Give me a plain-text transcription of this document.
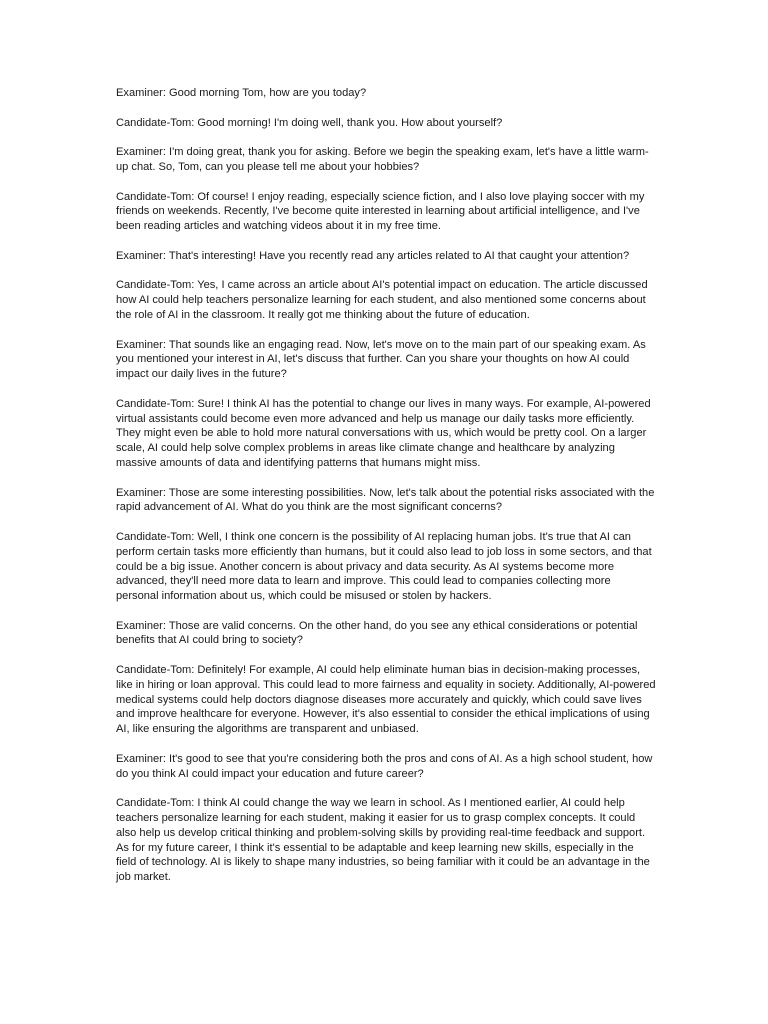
Examiner: Good morning Tom, how are you today?

Candidate-Tom: Good morning! I'm doing well, thank you. How about yourself?

Examiner: I'm doing great, thank you for asking. Before we begin the speaking exam, let's have a little warm-up chat. So, Tom, can you please tell me about your hobbies?

Candidate-Tom: Of course! I enjoy reading, especially science fiction, and I also love playing soccer with my friends on weekends. Recently, I've become quite interested in learning about artificial intelligence, and I've been reading articles and watching videos about it in my free time.

Examiner: That's interesting! Have you recently read any articles related to AI that caught your attention?

Candidate-Tom: Yes, I came across an article about AI's potential impact on education. The article discussed how AI could help teachers personalize learning for each student, and also mentioned some concerns about the role of AI in the classroom. It really got me thinking about the future of education.

Examiner: That sounds like an engaging read. Now, let's move on to the main part of our speaking exam. As you mentioned your interest in AI, let's discuss that further. Can you share your thoughts on how AI could impact our daily lives in the future?

Candidate-Tom: Sure! I think AI has the potential to change our lives in many ways. For example, AI-powered virtual assistants could become even more advanced and help us manage our daily tasks more efficiently. They might even be able to hold more natural conversations with us, which would be pretty cool. On a larger scale, AI could help solve complex problems in areas like climate change and healthcare by analyzing massive amounts of data and identifying patterns that humans might miss.

Examiner: Those are some interesting possibilities. Now, let's talk about the potential risks associated with the rapid advancement of AI. What do you think are the most significant concerns?

Candidate-Tom: Well, I think one concern is the possibility of AI replacing human jobs. It's true that AI can perform certain tasks more efficiently than humans, but it could also lead to job loss in some sectors, and that could be a big issue. Another concern is about privacy and data security. As AI systems become more advanced, they'll need more data to learn and improve. This could lead to companies collecting more personal information about us, which could be misused or stolen by hackers.

Examiner: Those are valid concerns. On the other hand, do you see any ethical considerations or potential benefits that AI could bring to society?

Candidate-Tom: Definitely! For example, AI could help eliminate human bias in decision-making processes, like in hiring or loan approval. This could lead to more fairness and equality in society. Additionally, AI-powered medical systems could help doctors diagnose diseases more accurately and quickly, which could save lives and improve healthcare for everyone. However, it's also essential to consider the ethical implications of using AI, like ensuring the algorithms are transparent and unbiased.

Examiner: It's good to see that you're considering both the pros and cons of AI. As a high school student, how do you think AI could impact your education and future career?

Candidate-Tom: I think AI could change the way we learn in school. As I mentioned earlier, AI could help teachers personalize learning for each student, making it easier for us to grasp complex concepts. It could also help us develop critical thinking and problem-solving skills by providing real-time feedback and support. As for my future career, I think it's essential to be adaptable and keep learning new skills, especially in the field of technology. AI is likely to shape many industries, so being familiar with it could be an advantage in the job market.
